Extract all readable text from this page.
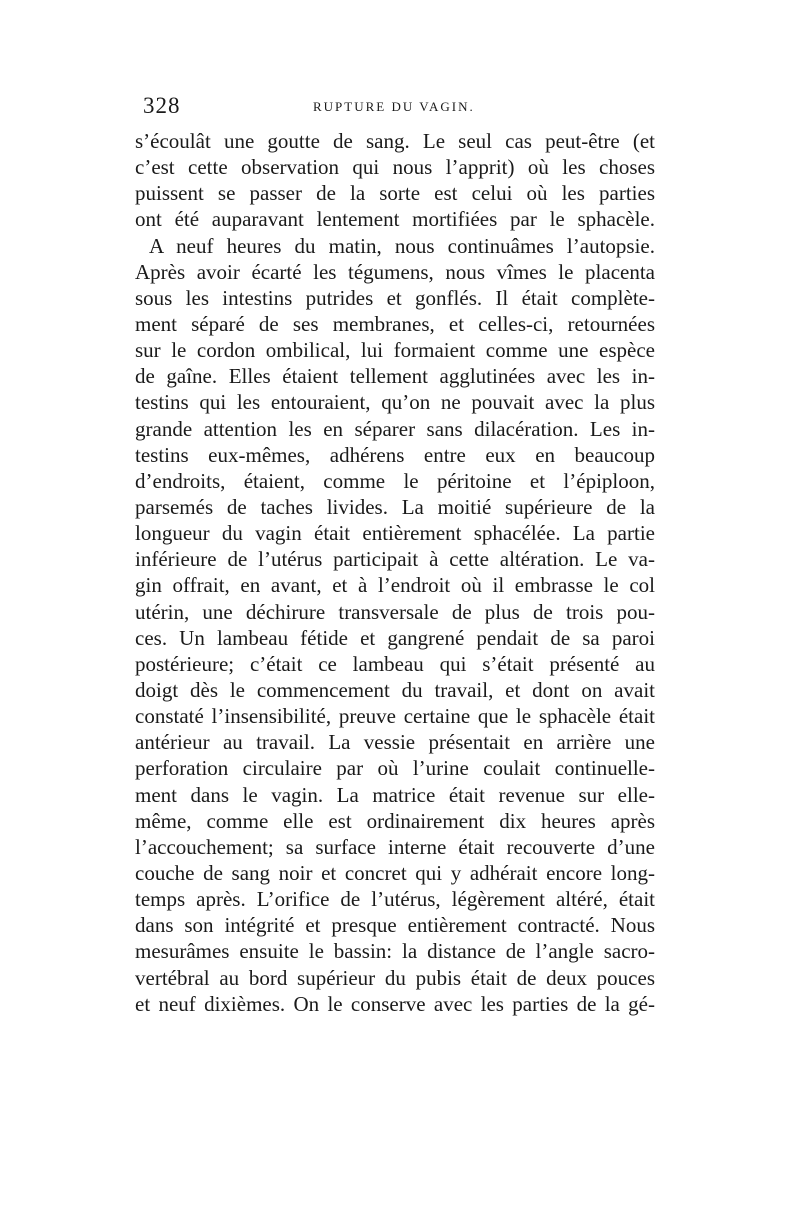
328	RUPTURE DU VAGIN.
s’écoulât une goutte de sang. Le seul cas peut-être (et
c’est cette observation qui nous l’apprit) où les choses
puissent se passer de la sorte est celui où les parties
ont été auparavant lentement mortifiées par le sphacèle.
A neuf heures du matin, nous continuâmes l’autopsie.
Après avoir écarté les tégumens, nous vîmes le placenta
sous les intestins putrides et gonflés. Il était complète-
ment séparé de ses membranes, et celles-ci, retournées
sur le cordon ombilical, lui formaient comme une espèce
de gaîne. Elles étaient tellement agglutinées avec les in-
testins qui les entouraient, qu’on ne pouvait avec la plus
grande attention les en séparer sans dilacération. Les in-
testins eux-mêmes, adhérens entre eux en beaucoup
d’endroits, étaient, comme le péritoine et l’épiploon,
parsemés de taches livides. La moitié supérieure de la
longueur du vagin était entièrement sphacélée. La partie
inférieure de l’utérus participait à cette altération. Le va-
gin offrait, en avant, et à l’endroit où il embrasse le col
utérin, une déchirure transversale de plus de trois pou-
ces. Un lambeau fétide et gangrené pendait de sa paroi
postérieure; c’était ce lambeau qui s’était présenté au
doigt dès le commencement du travail, et dont on avait
constaté l’insensibilité, preuve certaine que le sphacèle était
antérieur au travail. La vessie présentait en arrière une
perforation circulaire par où l’urine coulait continuelle-
ment dans le vagin. La matrice était revenue sur elle-
même, comme elle est ordinairement dix heures après
l’accouchement; sa surface interne était recouverte d’une
couche de sang noir et concret qui y adhérait encore long-
temps après. L’orifice de l’utérus, légèrement altéré, était
dans son intégrité et presque entièrement contracté. Nous
mesurâmes ensuite le bassin: la distance de l’angle sacro-
vertébral au bord supérieur du pubis était de deux pouces
et neuf dixièmes. On le conserve avec les parties de la gé-
